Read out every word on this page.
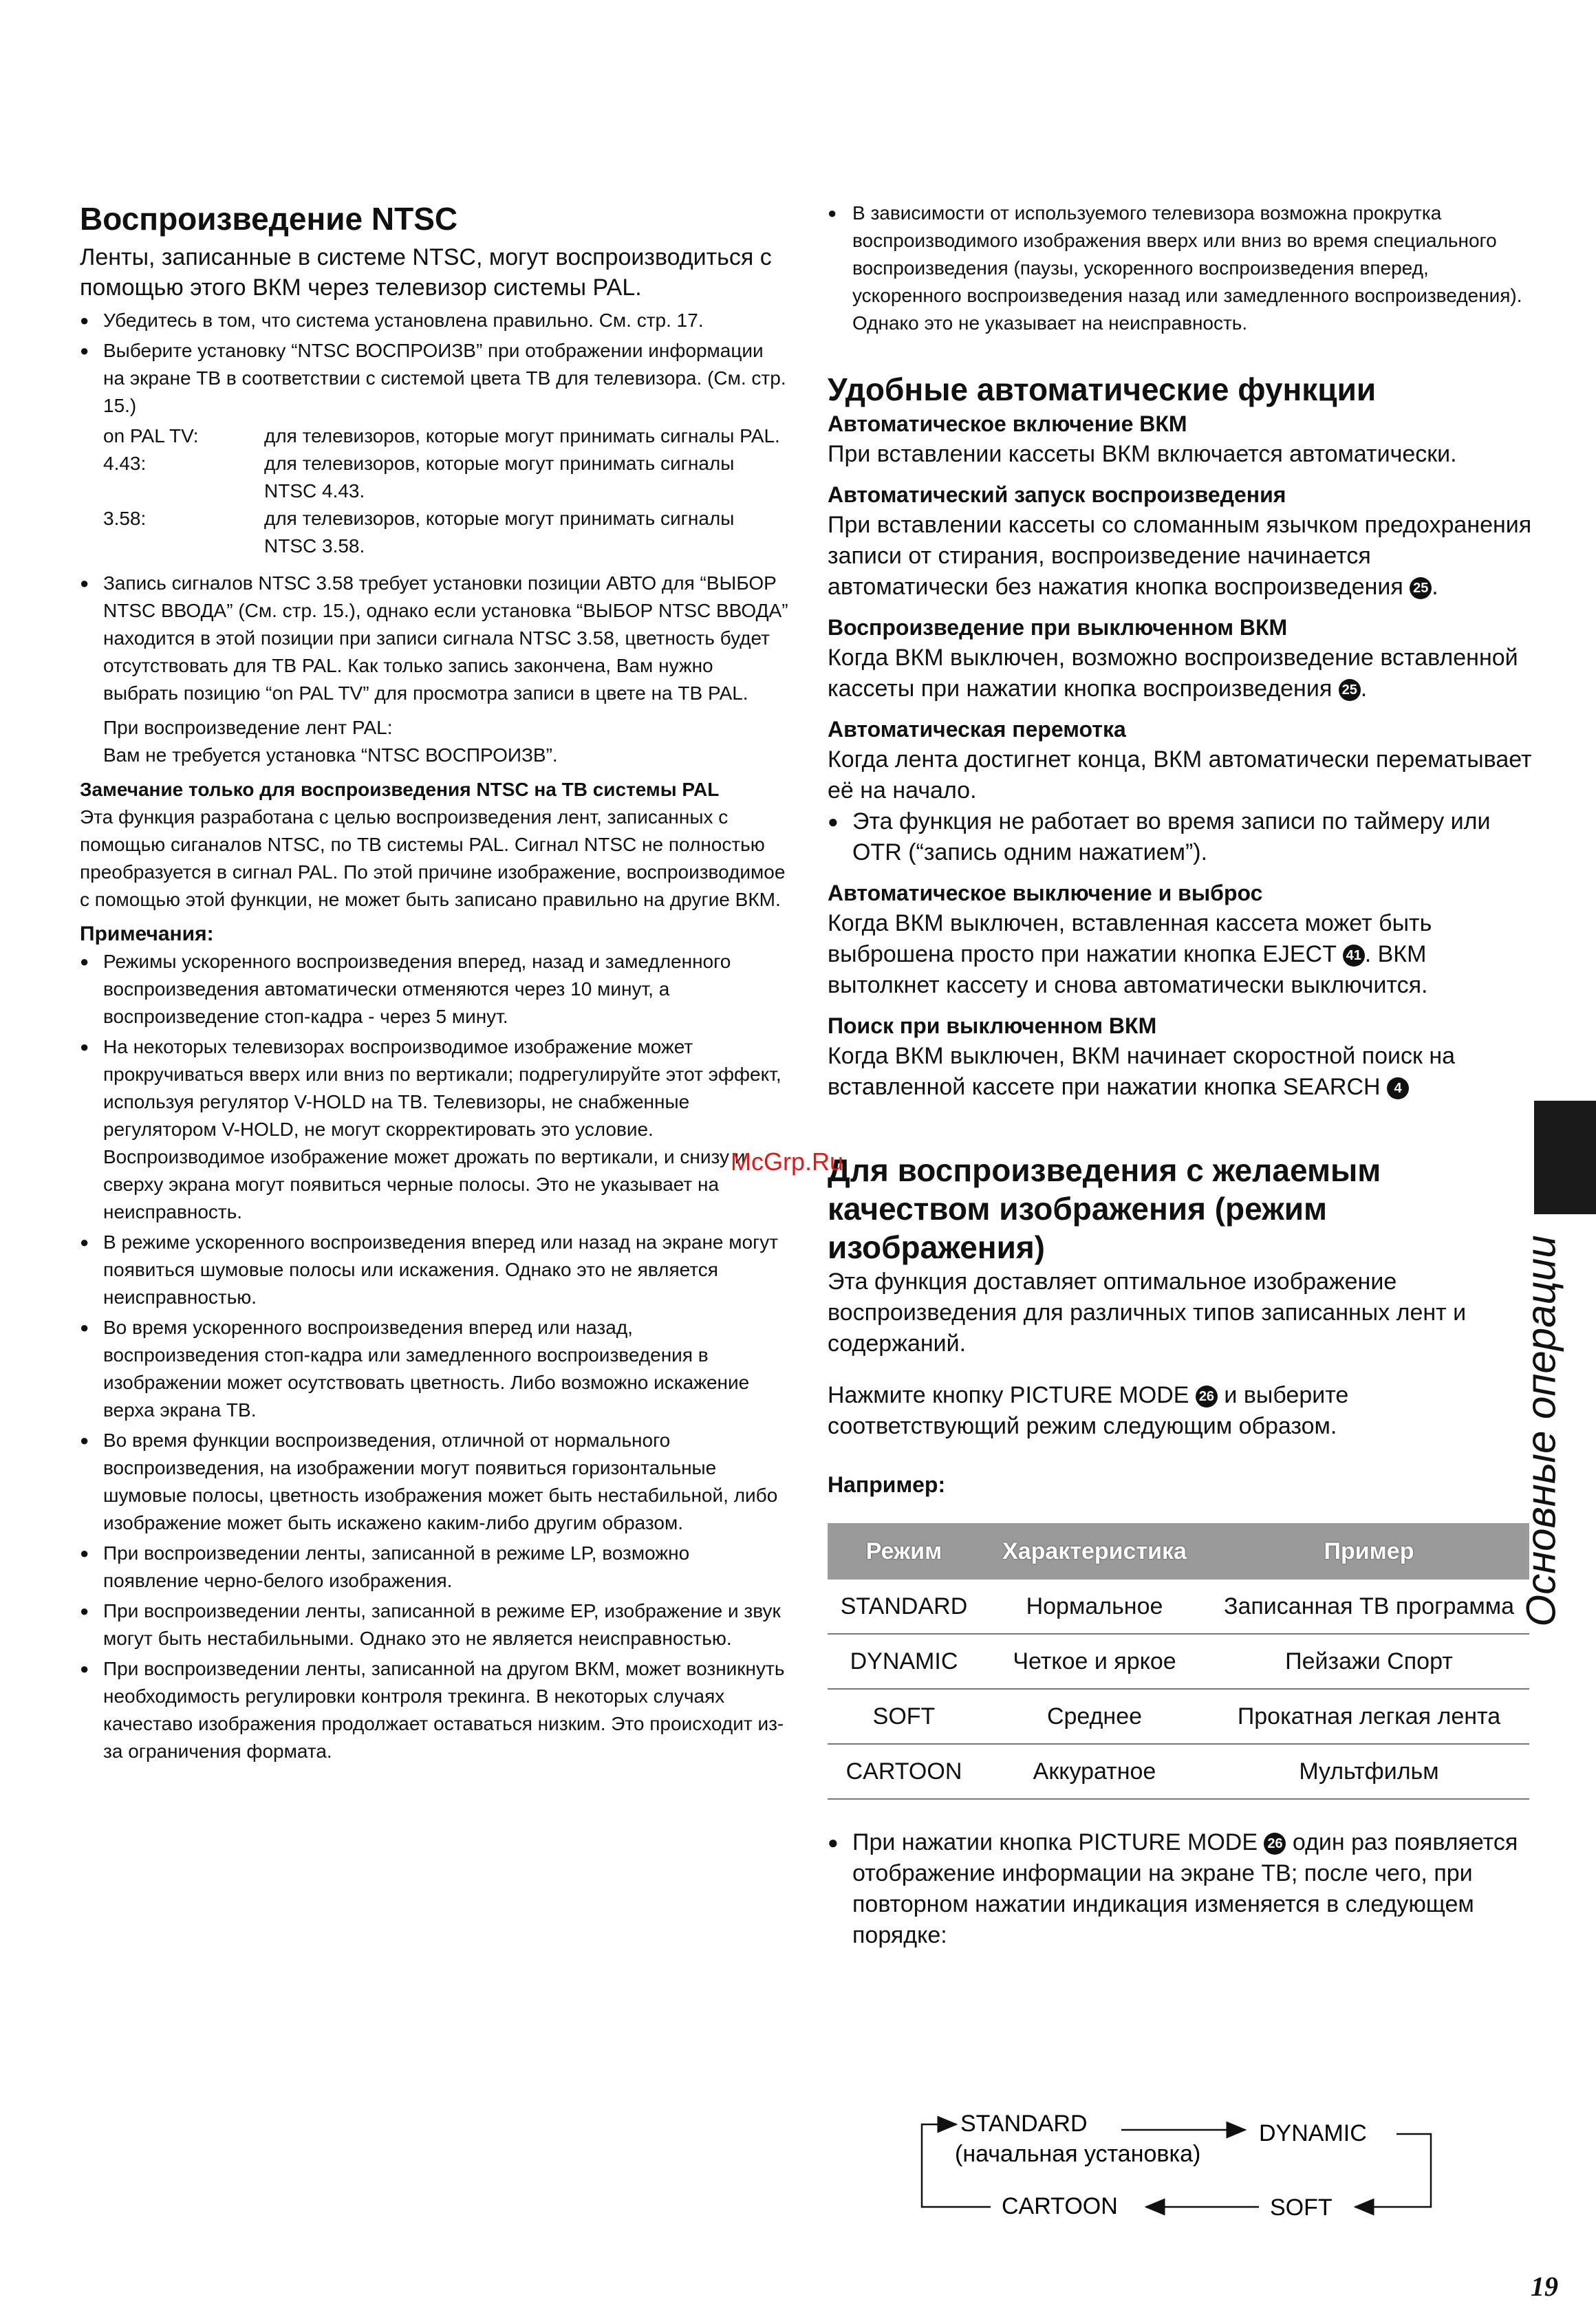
Воспроизведение NTSC

Ленты, записанные в системе NTSC, могут воспроизводиться с помощью этого ВКМ через телевизор системы PAL.

● Убедитесь в том, что система установлена правильно. См. стр. 17.

● Выберите установку “NTSC ВОСПРОИЗВ” при отображении информации на экране ТВ в соответствии с системой цвета ТВ для телевизора. (См. стр. 15.)

on PAL TV:	для телевизоров, которые могут принимать сигналы PAL.
4.43:	для телевизоров, которые могут принимать сигналы NTSC 4.43.
3.58:	для телевизоров, которые могут принимать сигналы NTSC 3.58.

● Запись сигналов NTSC 3.58 требует установки позиции АВТО для “ВЫБОР NTSC ВВОДА” (См. стр. 15.), однако если установка “ВЫБОР NTSC ВВОДА” находится в этой позиции при записи сигнала NTSC 3.58, цветность будет отсутствовать для ТВ PAL. Как только запись закончена, Вам нужно выбрать позицию “on PAL TV” для просмотра записи в цвете на ТВ PAL.

При воспроизведение лент PAL:
Вам не требуется установка “NTSC ВОСПРОИЗВ”.

Замечание только для воспроизведения NTSC на ТВ системы PAL

Эта функция разработана с целью воспроизведения лент, записанных с помощью сиганалов NTSC, по ТВ системы PAL. Сигнал NTSC не полностью преобразуется в сигнал PAL. По этой причине изображение, воспроизводимое с помощью этой функции, не может быть записано правильно на другие ВКМ.

Примечания:

● Режимы ускоренного воспроизведения вперед, назад и замедленного воспроизведения автоматически отменяются через 10 минут, а воспроизведение стоп-кадра - через 5 минут.

● На некоторых телевизорах воспроизводимое изображение может прокручиваться вверх или вниз по вертикали; подрегулируйте этот эффект, используя регулятор V-HOLD на ТВ. Телевизоры, не снабженные регулятором V-HOLD, не могут скорректировать это условие. Воспроизводимое изображение может дрожать по вертикали, и снизу и сверху экрана могут появиться черные полосы. Это не указывает на неисправность.

● В режиме ускоренного воспроизведения вперед или назад на экране могут появиться шумовые полосы или искажения. Однако это не является неисправностью.

● Во время ускоренного воспроизведения вперед или назад, воспроизведения стоп-кадра или замедленного воспроизведения в изображении может осутствовать цветность. Либо возможно искажение верха экрана ТВ.

● Во время функции воспроизведения, отличной от нормального воспроизведения, на изображении могут появиться горизонтальные шумовые полосы, цветность изображения может быть нестабильной, либо изображение может быть искажено каким-либо другим образом.

● При воспроизведении ленты, записанной в режиме LP, возможно появление черно-белого изображения.

● При воспроизведении ленты, записанной в режиме EP, изображение и звук могут быть нестабильными. Однако это не является неисправностью.

● При воспроизведении ленты, записанной на другом ВКМ, может возникнуть необходимость регулировки контроля трекинга. В некоторых случаях качеставо изображения продолжает оставаться низким. Это происходит из-за ограничения формата.

● В зависимости от используемого телевизора возможна прокрутка воспроизводимого изображения вверх или вниз во время специального воспроизведения (паузы, ускоренного воспроизведения вперед, ускоренного воспроизведения назад или замедленного воспроизведения). Однако это не указывает на неисправность.

Удобные автоматические функции

Автоматическое включение ВКМ

При вставлении кассеты ВКМ включается автоматически.

Автоматический запуск воспроизведения

При вставлении кассеты со сломанным язычком предохранения записи от стирания, воспроизведение начинается автоматически без нажатия кнопка воспроизведения 25 .

Воспроизведение при выключенном ВКМ

Когда ВКМ выключен, возможно воспроизведение вставленной кассеты при нажатии кнопка воспроизведения 25 .

Автоматическая перемотка

Когда лента достигнет конца, ВКМ автоматически перематывает её на начало.

● Эта функция не работает во время записи по таймеру или OTR (“запись одним нажатием”).

Автоматическое выключение и выброс

Когда ВКМ выключен, вставленная кассета может быть выброшена просто при нажатии кнопка EJECT 41 . ВКМ вытолкнет кассету и снова автоматически выключится.

Поиск при выключенном ВКМ

Когда ВКМ выключен, ВКМ начинает скоростной поиск на вставленной кассете при нажатии кнопка SEARCH 4

Для воспроизведения с желаемым качеством изображения (режим изображения)

Эта функция доставляет оптимальное изображение воспроизведения для различных типов записанных лент и содержаний.

Нажмите кнопку PICTURE MODE 26 и выберите соответствующий режим следующим образом.

Например:

Режим	Характеристика	Пример
STANDARD	Нормальное	Записанная ТВ программа
DYNAMIC	Четкое и яркое	Пейзажи Спорт
SOFT	Среднее	Прокатная легкая лента
CARTOON	Аккуратное	Мультфильм

● При нажатии кнопка PICTURE MODE 26 один раз появляется отображение информации на экране ТВ; после чего, при повторном нажатии индикация изменяется в следующем порядке:

STANDARD
(начальная установка)
DYNAMIC
CARTOON	SOFT
Основные операции
McGrp.Ru
19
